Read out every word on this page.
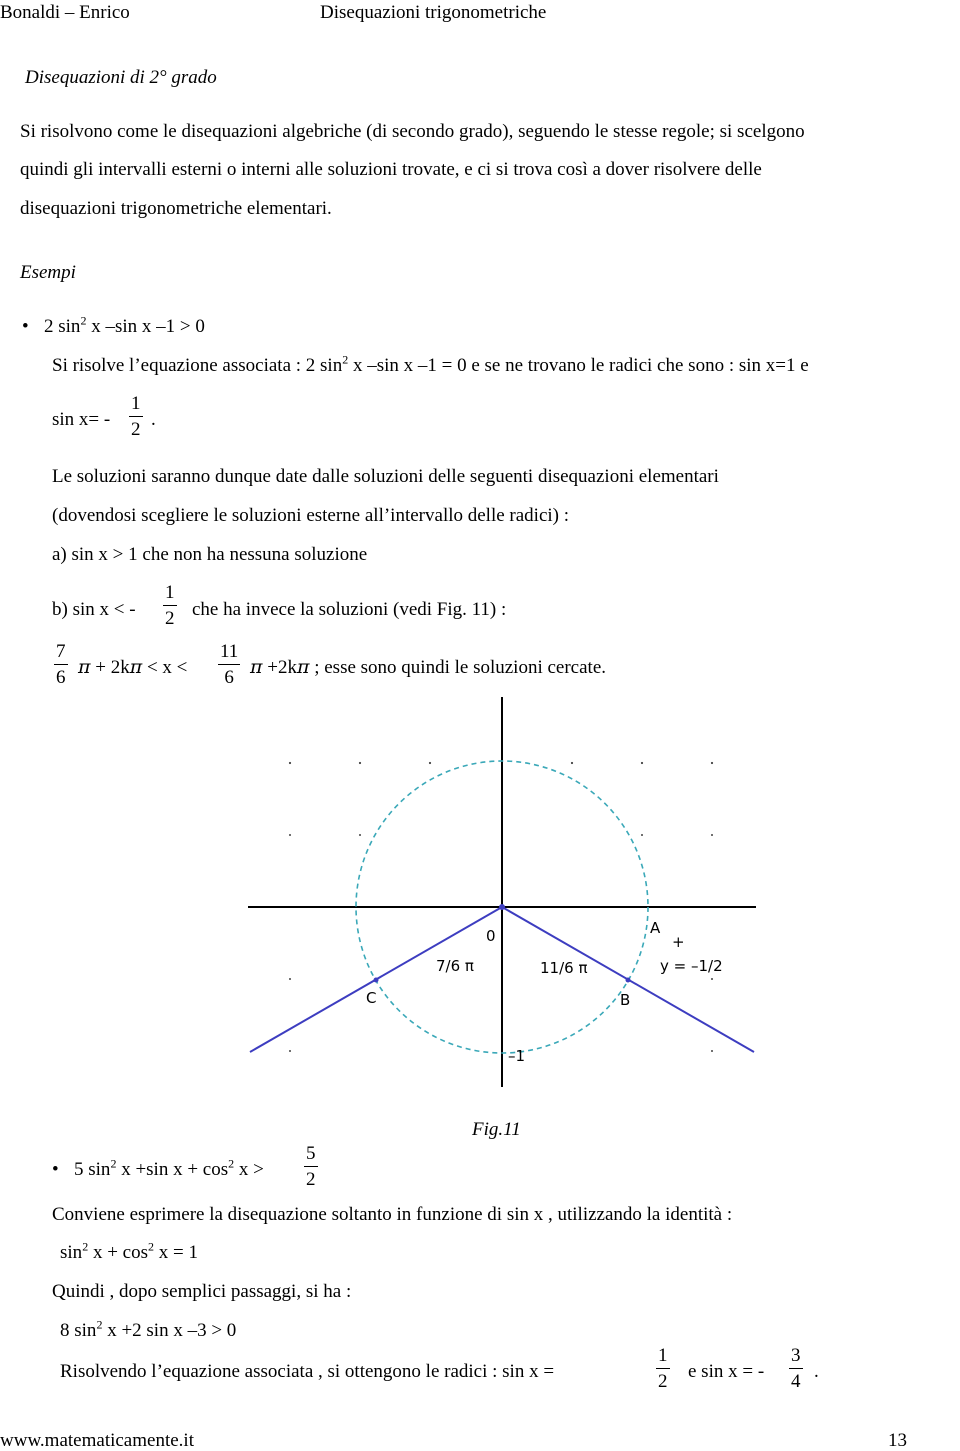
Bonaldi – Enrico	Disequazioni trigonometriche
Disequazioni di 2° grado
Si risolvono come le disequazioni algebriche (di secondo grado), seguendo le stesse regole; si scelgono
quindi gli intervalli esterni o interni alle soluzioni trovate, e ci si trova così a dover risolvere delle
disequazioni trigonometriche elementari.
Esempi
• 2 $\sin^2 x$ –sin x –1 > 0
Si risolve l’equazione associata : 2 $\sin^2 x$ –sin x –1 = 0 e se ne trovano le radici che sono : sin x=1 e
sin x= -
1
2 .
Le soluzioni saranno dunque date dalle soluzioni delle seguenti disequazioni elementari
(dovendosi scegliere le soluzioni esterne all’intervallo delle radici) :
a) sin x > 1 che non ha nessuna soluzione
b) sin x < -
1
2 che ha invece la soluzioni (vedi Fig. 11) :
7
6 π + 2kπ < x <
11
6 π +2kπ ; esse sono quindi le soluzioni cercate.
0	A
+
y = –1/2
7/6 π	11/6 π
C	B
–1
Fig.11
• 5 $\sin^2 x +\sin$ $x + \cos^2 x$ >
5
2
Conviene esprimere la disequazione soltanto in funzione di sin x , utilizzando la identità :
$\sin^2 x + \cos^2 x = 1$
Quindi , dopo semplici passaggi, si ha :
8 $\sin^2 x +2$ sin x –3 > 0
Risolvendo l’equazione associata , si ottengono le radici : sin x =
1
2 e sin x = -
3
4 .
www.matematicamente.it	13
